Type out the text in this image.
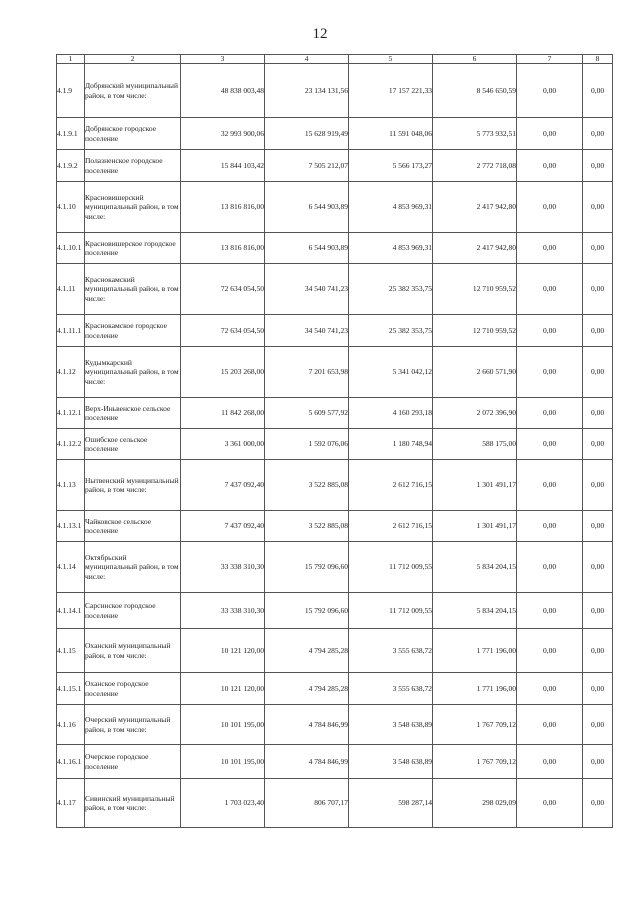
12
1	2	3	4	5	6	7	8
4.1.9	Добрянский муниципальный район, в том числе:	48 838 003,48	23 134 131,56	17 157 221,33	8 546 650,59	0,00	0,00
4.1.9.1	Добрянское городское поселение	32 993 900,06	15 628 919,49	11 591 048,06	5 773 932,51	0,00	0,00
4.1.9.2	Полазненское городское поселение	15 844 103,42	7 505 212,07	5 566 173,27	2 772 718,08	0,00	0,00
4.1.10	Красновишерский муниципальный район, в том числе:	13 816 816,00	6 544 903,89	4 853 969,31	2 417 942,80	0,00	0,00
4.1.10.1	Красновишерское городское поселение	13 816 816,00	6 544 903,89	4 853 969,31	2 417 942,80	0,00	0,00
4.1.11	Краснокамский муниципальный район, в том числе:	72 634 054,50	34 540 741,23	25 382 353,75	12 710 959,52	0,00	0,00
4.1.11.1	Краснокамское городское поселение	72 634 054,50	34 540 741,23	25 382 353,75	12 710 959,52	0,00	0,00
4.1.12	Кудымкарский муниципальный район, в том числе:	15 203 268,00	7 201 653,98	5 341 042,12	2 660 571,90	0,00	0,00
4.1.12.1	Верх-Иньвенское сельское поселение	11 842 268,00	5 609 577,92	4 160 293,18	2 072 396,90	0,00	0,00
4.1.12.2	Ошибское сельское поселение	3 361 000,00	1 592 076,06	1 180 748,94	588 175,00	0,00	0,00
4.1.13	Нытвенский муниципальный район, в том числе:	7 437 092,40	3 522 885,08	2 612 716,15	1 301 491,17	0,00	0,00
4.1.13.1	Чайковское сельское поселение	7 437 092,40	3 522 885,08	2 612 716,15	1 301 491,17	0,00	0,00
4.1.14	Октябрьский муниципальный район, в том числе:	33 338 310,30	15 792 096,60	11 712 009,55	5 834 204,15	0,00	0,00
4.1.14.1	Сарсинское городское поселение	33 338 310,30	15 792 096,60	11 712 009,55	5 834 204,15	0,00	0,00
4.1.15	Оханский муниципальный район, в том числе:	10 121 120,00	4 794 285,28	3 555 638,72	1 771 196,00	0,00	0,00
4.1.15.1	Оханское городское поселение	10 121 120,00	4 794 285,28	3 555 638,72	1 771 196,00	0,00	0,00
4.1.16	Очерский муниципальный район, в том числе:	10 101 195,00	4 784 846,99	3 548 638,89	1 767 709,12	0,00	0,00
4.1.16.1	Очерское городское поселение	10 101 195,00	4 784 846,99	3 548 638,89	1 767 709,12	0,00	0,00
4.1.17	Сивинский муниципальный район, в том числе:	1 703 023,40	806 707,17	598 287,14	298 029,09	0,00	0,00
